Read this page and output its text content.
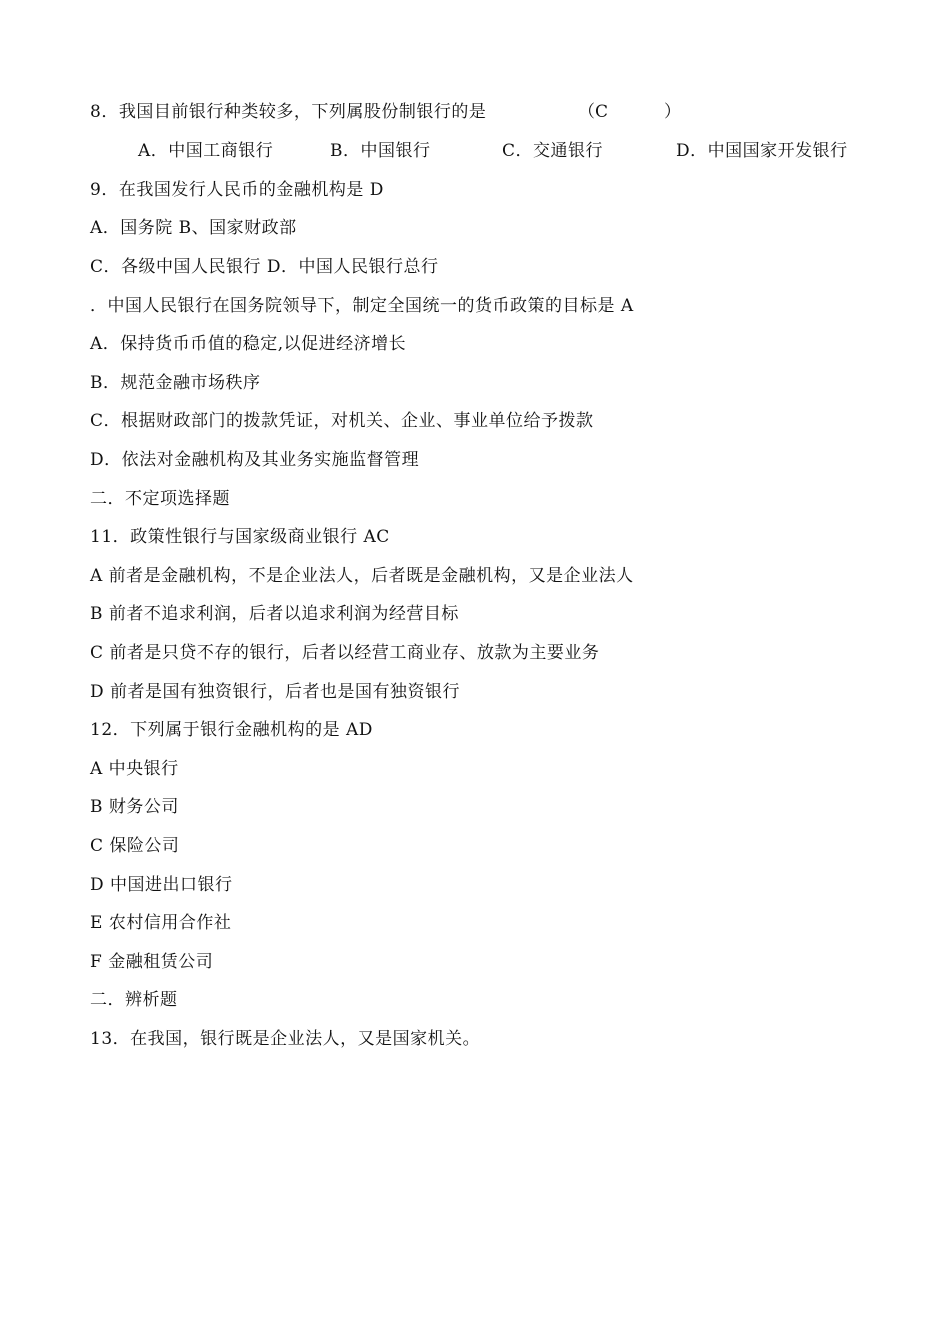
8．我国目前银行种类较多，下列属股份制银行的是	（C	）
A．中国工商银行	B．中国银行	C．交通银行	D．中国国家开发银行
9．在我国发行人民币的金融机构是 D
A．国务院 B、国家财政部
C．各级中国人民银行 D．中国人民银行总行
．中国人民银行在国务院领导下，制定全国统一的货币政策的目标是 A
A．保持货币币值的稳定,以促进经济增长
B．规范金融市场秩序
C．根据财政部门的拨款凭证，对机关、企业、事业单位给予拨款
D．依法对金融机构及其业务实施监督管理
二．不定项选择题
11．政策性银行与国家级商业银行 AC
A 前者是金融机构，不是企业法人，后者既是金融机构，又是企业法人
B 前者不追求利润，后者以追求利润为经营目标
C 前者是只贷不存的银行，后者以经营工商业存、放款为主要业务
D 前者是国有独资银行，后者也是国有独资银行
12．下列属于银行金融机构的是 AD
A 中央银行
B 财务公司
C 保险公司
D 中国进出口银行
E 农村信用合作社
F 金融租赁公司
二．辨析题
13．在我国，银行既是企业法人，又是国家机关。
